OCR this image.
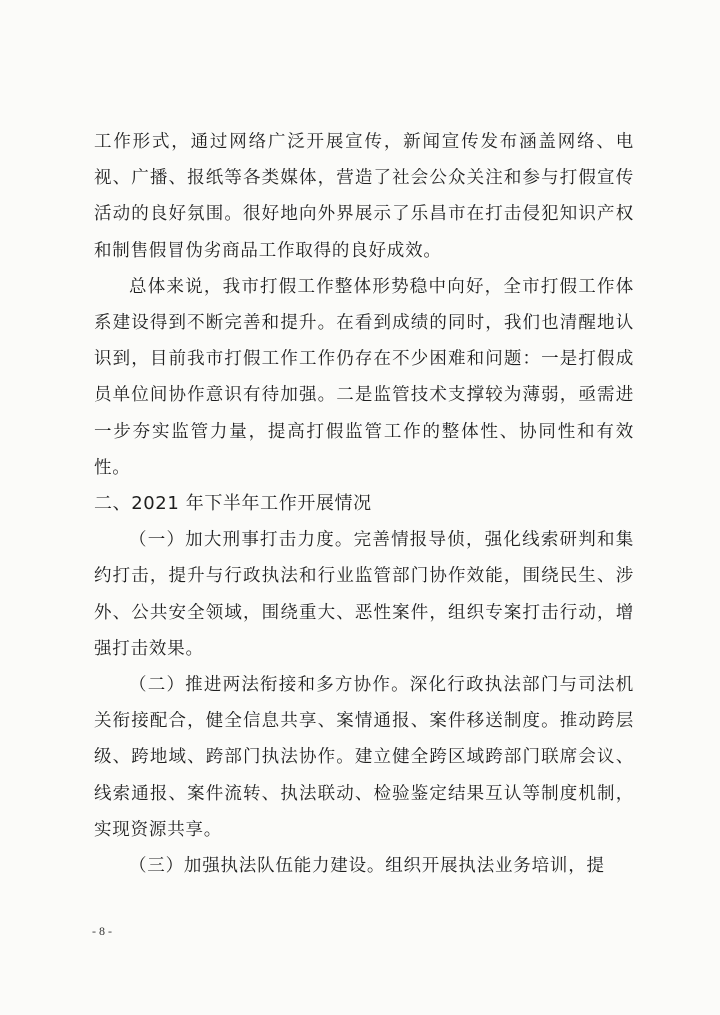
工作形式，通过网络广泛开展宣传，新闻宣传发布涵盖网络、电视、广播、报纸等各类媒体，营造了社会公众关注和参与打假宣传活动的良好氛围。很好地向外界展示了乐昌市在打击侵犯知识产权和制售假冒伪劣商品工作取得的良好成效。

总体来说，我市打假工作整体形势稳中向好，全市打假工作体系建设得到不断完善和提升。在看到成绩的同时，我们也清醒地认识到，目前我市打假工作工作仍存在不少困难和问题：一是打假成员单位间协作意识有待加强。二是监管技术支撑较为薄弱，亟需进一步夯实监管力量，提高打假监管工作的整体性、协同性和有效性。

二、2021 年下半年工作开展情况

（一）加大刑事打击力度。完善情报导侦，强化线索研判和集约打击，提升与行政执法和行业监管部门协作效能，围绕民生、涉外、公共安全领域，围绕重大、恶性案件，组织专案打击行动，增强打击效果。

（二）推进两法衔接和多方协作。深化行政执法部门与司法机关衔接配合，健全信息共享、案情通报、案件移送制度。推动跨层级、跨地域、跨部门执法协作。建立健全跨区域跨部门联席会议、线索通报、案件流转、执法联动、检验鉴定结果互认等制度机制，实现资源共享。

（三）加强执法队伍能力建设。组织开展执法业务培训，提

- 8 -
